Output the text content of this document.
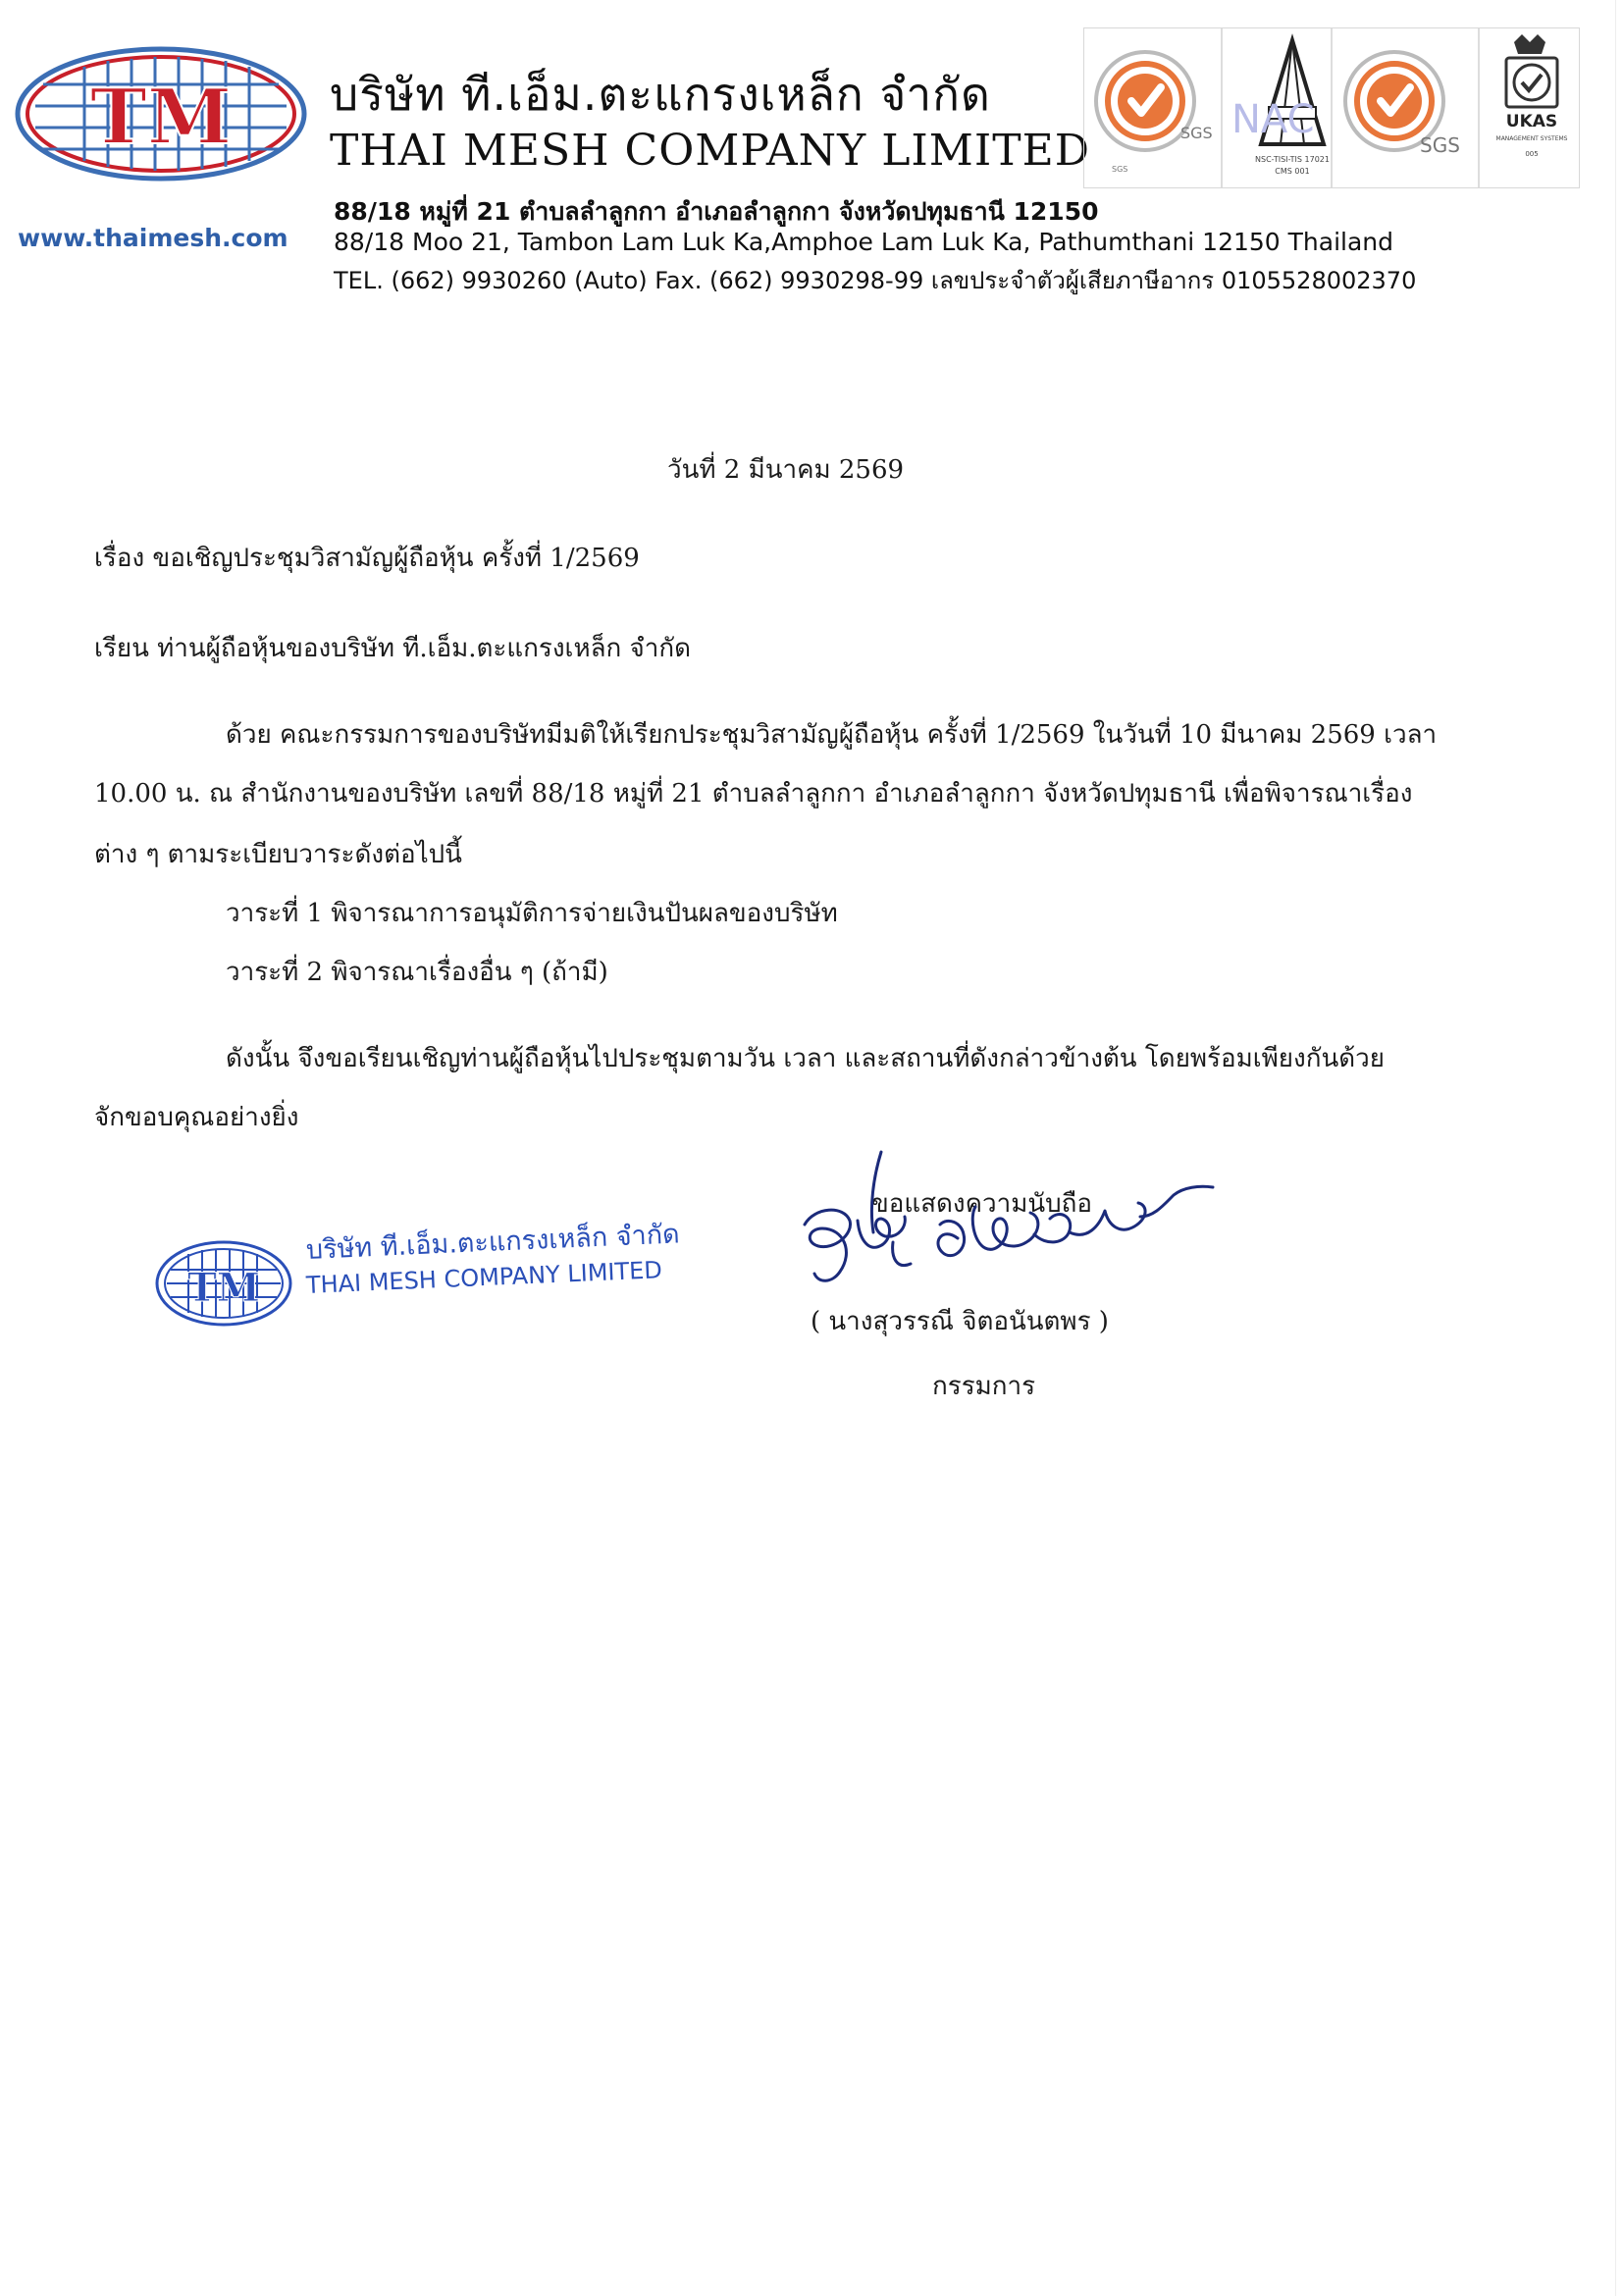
TM
www.thaimesh.com
บริษัท ที.เอ็ม.ตะแกรงเหล็ก จำกัด
THAI MESH COMPANY LIMITED
88/18 หมู่ที่ 21 ตำบลลำลูกกา อำเภอลำลูกกา จังหวัดปทุมธานี 12150
88/18 Moo 21, Tambon Lam Luk Ka,Amphoe Lam Luk Ka, Pathumthani 12150 Thailand
TEL. (662) 9930260 (Auto) Fax. (662) 9930298-99 เลขประจำตัวผู้เสียภาษีอากร 0105528002370
SGS
SGS
NAC
NSC-TISI-TIS 17021
CMS 001
SGS
UKAS
MANAGEMENT SYSTEMS
005
วันที่ 2 มีนาคม 2569
เรื่อง ขอเชิญประชุมวิสามัญผู้ถือหุ้น ครั้งที่ 1/2569
เรียน ท่านผู้ถือหุ้นของบริษัท ที.เอ็ม.ตะแกรงเหล็ก จำกัด
ด้วย คณะกรรมการของบริษัทมีมติให้เรียกประชุมวิสามัญผู้ถือหุ้น ครั้งที่ 1/2569 ในวันที่ 10 มีนาคม 2569 เวลา
10.00 น. ณ สำนักงานของบริษัท เลขที่ 88/18 หมู่ที่ 21 ตำบลลำลูกกา อำเภอลำลูกกา จังหวัดปทุมธานี เพื่อพิจารณาเรื่อง
ต่าง ๆ ตามระเบียบวาระดังต่อไปนี้
วาระที่ 1 พิจารณาการอนุมัติการจ่ายเงินปันผลของบริษัท
วาระที่ 2 พิจารณาเรื่องอื่น ๆ (ถ้ามี)
ดังนั้น จึงขอเรียนเชิญท่านผู้ถือหุ้นไปประชุมตามวัน เวลา และสถานที่ดังกล่าวข้างต้น โดยพร้อมเพียงกันด้วย
จักขอบคุณอย่างยิ่ง
ขอแสดงความนับถือ
TM
บริษัท ที.เอ็ม.ตะแกรงเหล็ก จำกัด
THAI MESH COMPANY LIMITED
( นางสุวรรณี จิตอนันตพร )
กรรมการ
